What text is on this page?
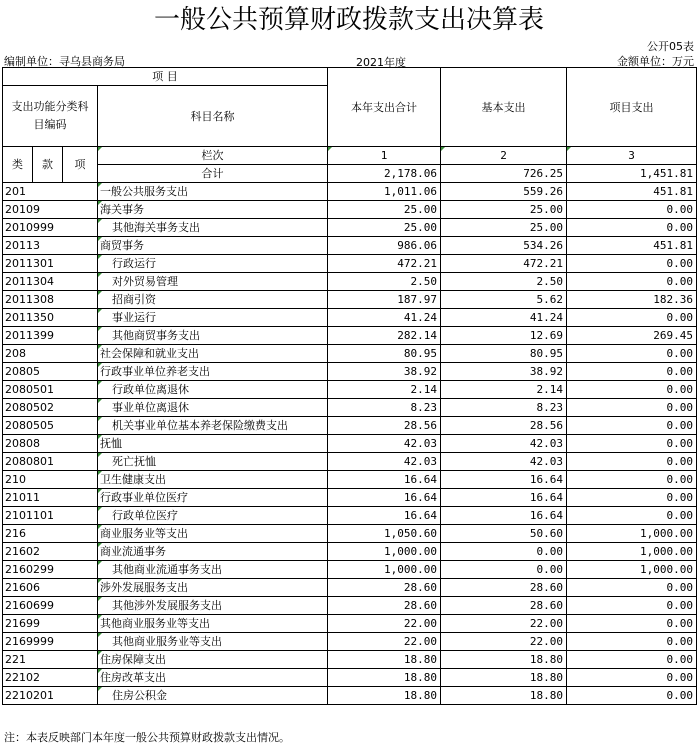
一般公共预算财政拨款支出决算表
公开05表
编制单位：寻乌县商务局	2021年度	金额单位：万元
项 目				本年支出合计	基本支出	项目支出
支出功能分类科目编码			科目名称			

类	款	项	栏次	1	2	3
			合计	2,178.06	726.25	1,451.81
201			一般公共服务支出	1,011.06	559.26	451.81
20109			海关事务	25.00	25.00	0.00
2010999			其他海关事务支出	25.00	25.00	0.00
20113			商贸事务	986.06	534.26	451.81
2011301			行政运行	472.21	472.21	0.00
2011304			对外贸易管理	2.50	2.50	0.00
2011308			招商引资	187.97	5.62	182.36
2011350			事业运行	41.24	41.24	0.00
2011399			其他商贸事务支出	282.14	12.69	269.45
208			社会保障和就业支出	80.95	80.95	0.00
20805			行政事业单位养老支出	38.92	38.92	0.00
2080501			行政单位离退休	2.14	2.14	0.00
2080502			事业单位离退休	8.23	8.23	0.00
2080505			机关事业单位基本养老保险缴费支出	28.56	28.56	0.00
20808			抚恤	42.03	42.03	0.00
2080801			死亡抚恤	42.03	42.03	0.00
210			卫生健康支出	16.64	16.64	0.00
21011			行政事业单位医疗	16.64	16.64	0.00
2101101			行政单位医疗	16.64	16.64	0.00
216			商业服务业等支出	1,050.60	50.60	1,000.00
21602			商业流通事务	1,000.00	0.00	1,000.00
2160299			其他商业流通事务支出	1,000.00	0.00	1,000.00
21606			涉外发展服务支出	28.60	28.60	0.00
2160699			其他涉外发展服务支出	28.60	28.60	0.00
21699			其他商业服务业等支出	22.00	22.00	0.00
2169999			其他商业服务业等支出	22.00	22.00	0.00
221			住房保障支出	18.80	18.80	0.00
22102			住房改革支出	18.80	18.80	0.00
2210201			住房公积金	18.80	18.80	0.00
注：本表反映部门本年度一般公共预算财政拨款支出情况。
